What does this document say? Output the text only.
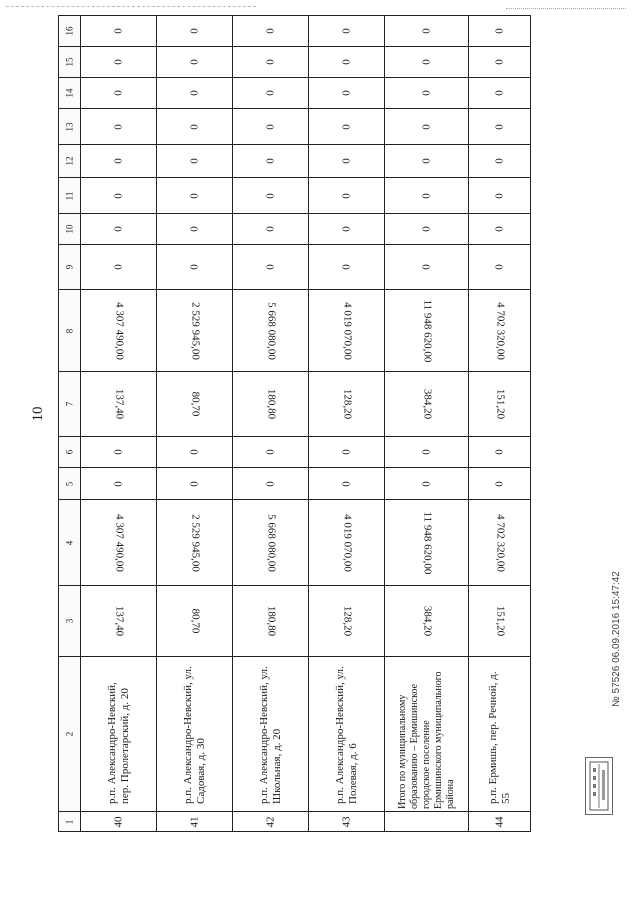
10
16	0	0	0	0	0	0

15	0	0	0	0	0	0

14	0	0	0	0	0	0

13	0	0	0	0	0	0

12	0	0	0	0	0	0

11	0	0	0	0	0	0

10	0	0	0	0	0	0

9	0	0	0	0	0	0

8	4 307 490,00	2 529 945,00	5 668 080,00	4 019 070,00	11 948 620,00	4 702 320,00

7	137,40	80,70	180,80	128,20	384,20	151,20

6	0	0	0	0	0	0

5	0	0	0	0	0	0

4	4 307 490,00	2 529 945,00	5 668 080,00	4 019 070,00	11 948 620,00	4 702 320,00

3	137,40	80,70	180,80	128,20	384,20	151,20

2	р.п. Александро-Невский, пер. Пролетарский, д. 20	р.п. Александро-Невский, ул. Садовая, д. 30	р.п. Александро-Невский, ул. Школьная, д. 20	р.п. Александро-Невский, ул. Полевая, д. 6	Итого по муниципальному образованию – Ермишинское городское поселение Ермишинского муниципального района	р.п. Ермишь, пер. Речной, д. 55

1	40	41	42	43		44
№ 57526 06.09.2016 15:47:42
